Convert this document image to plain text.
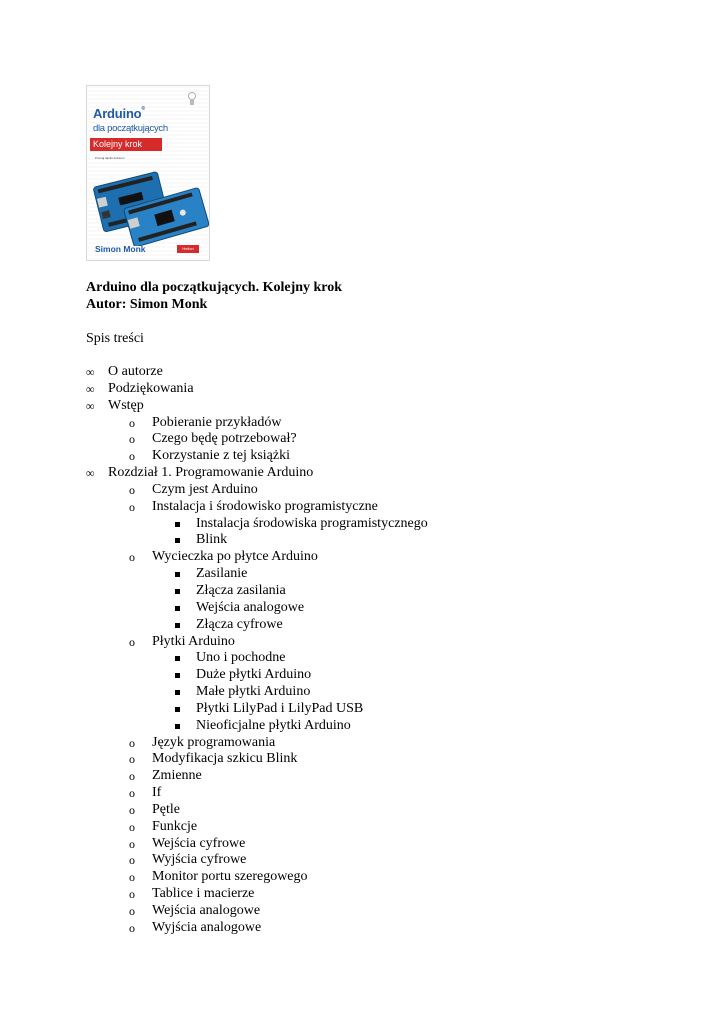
Arduino®
dla początkujących
Kolejny krok
Poznaj tajniki Arduino!
Simon Monk	Helion
Arduino dla początkujących. Kolejny krok
Autor: Simon Monk
Spis treści
∞ O autorze
∞ Podziękowania
∞ Wstęp
o Pobieranie przykładów
o Czego będę potrzebował?
o Korzystanie z tej książki
∞ Rozdział 1. Programowanie Arduino
o Czym jest Arduino
o Instalacja i środowisko programistyczne
Instalacja środowiska programistycznego
Blink
o Wycieczka po płytce Arduino
Zasilanie
Złącza zasilania
Wejścia analogowe
Złącza cyfrowe
o Płytki Arduino
Uno i pochodne
Duże płytki Arduino
Małe płytki Arduino
Płytki LilyPad i LilyPad USB
Nieoficjalne płytki Arduino
o Język programowania
o Modyfikacja szkicu Blink
o Zmienne
o If
o Pętle
o Funkcje
o Wejścia cyfrowe
o Wyjścia cyfrowe
o Monitor portu szeregowego
o Tablice i macierze
o Wejścia analogowe
o Wyjścia analogowe
